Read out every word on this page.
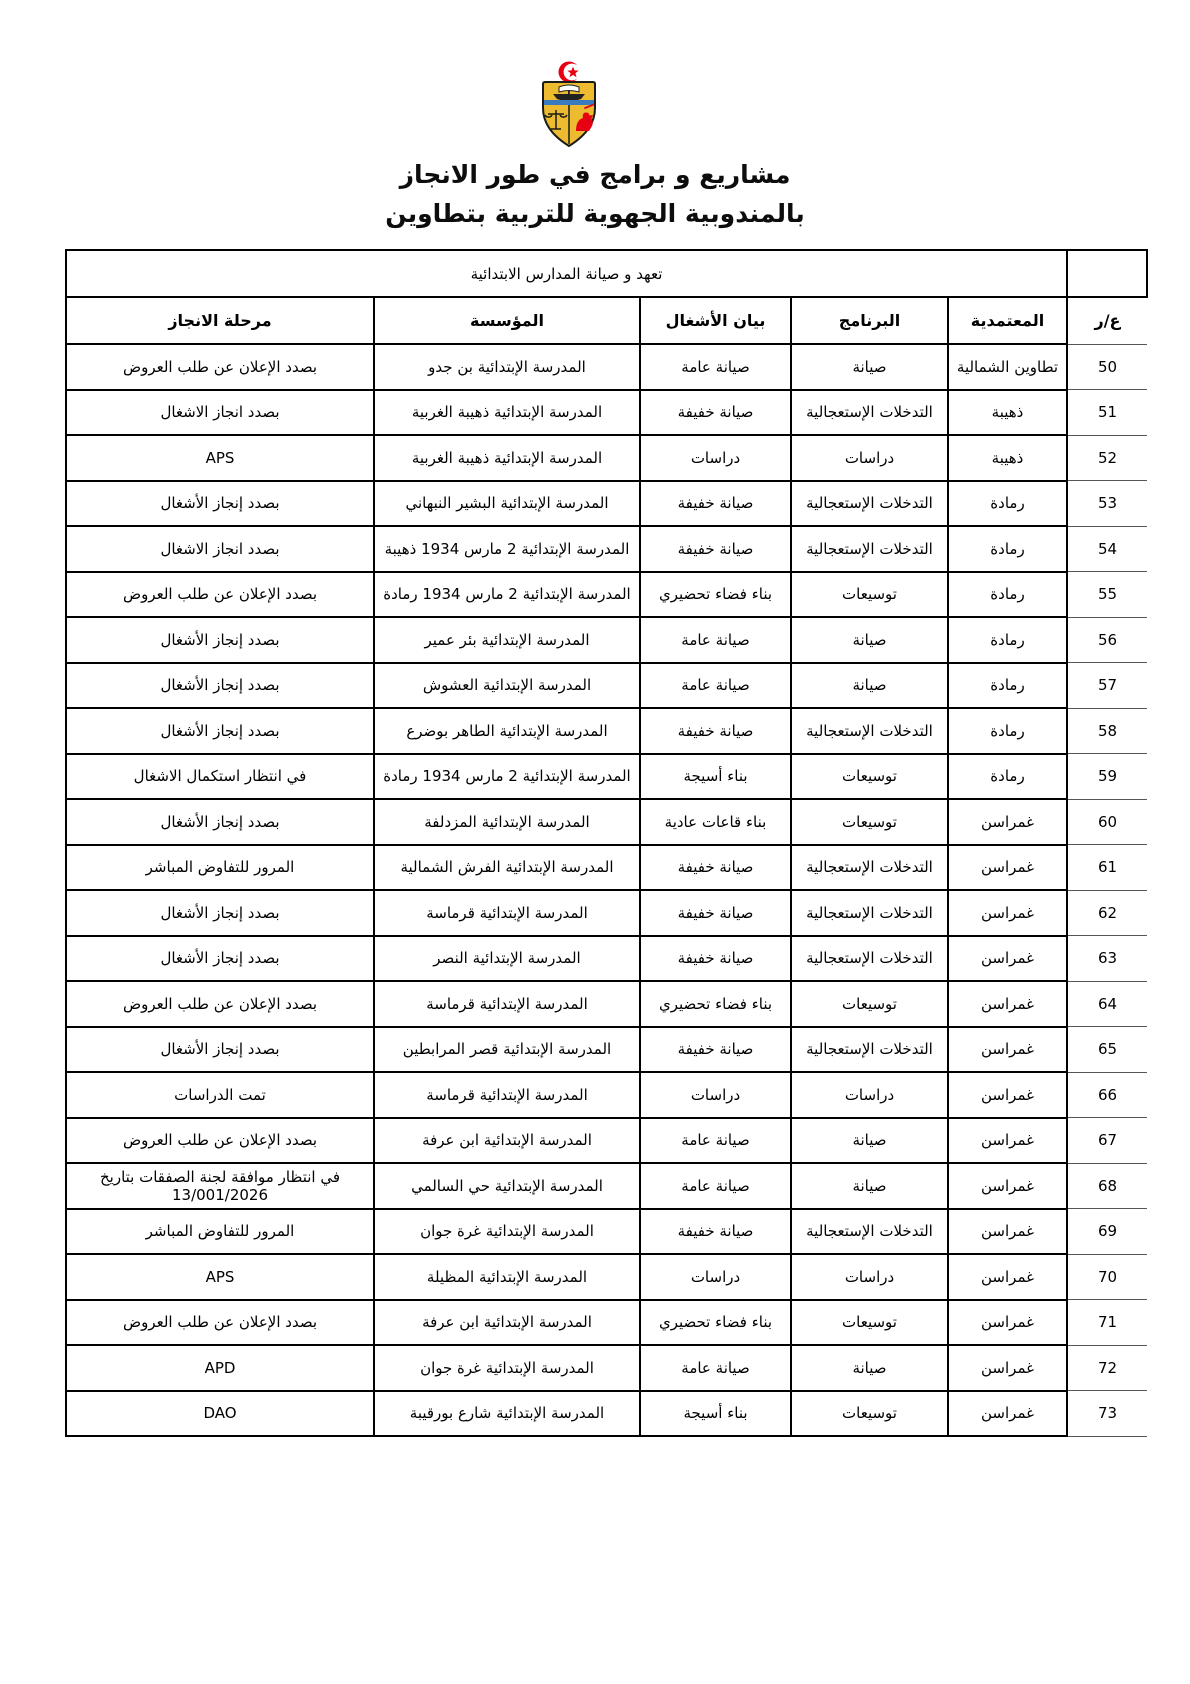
مشاريع و برامج في طور الانجاز
بالمندوبية الجهوية للتربية بتطاوين
	تعهد و صيانة المدارس الابتدائية				
ع/ر	المعتمدية	البرنامج	بيان الأشغال	المؤسسة	مرحلة الانجاز
50	تطاوين الشمالية	صيانة	صيانة عامة	المدرسة الإبتدائية بن جدو	بصدد الإعلان عن طلب العروض
51	ذهيبة	التدخلات الإستعجالية	صيانة خفيفة	المدرسة الإبتدائية ذهيبة الغربية	بصدد انجاز الاشغال
52	ذهيبة	دراسات	دراسات	المدرسة الإبتدائية ذهيبة الغربية	APS
53	رمادة	التدخلات الإستعجالية	صيانة خفيفة	المدرسة الإبتدائية البشير النبهاني	بصدد إنجاز الأشغال
54	رمادة	التدخلات الإستعجالية	صيانة خفيفة	المدرسة الإبتدائية 2 مارس 1934 ذهيبة	بصدد انجاز الاشغال
55	رمادة	توسيعات	بناء فضاء تحضيري	المدرسة الإبتدائية 2 مارس 1934 رمادة	بصدد الإعلان عن طلب العروض
56	رمادة	صيانة	صيانة عامة	المدرسة الإبتدائية بئر عمير	بصدد إنجاز الأشغال
57	رمادة	صيانة	صيانة عامة	المدرسة الإبتدائية العشوش	بصدد إنجاز الأشغال
58	رمادة	التدخلات الإستعجالية	صيانة خفيفة	المدرسة الإبتدائية الطاهر بوضرع	بصدد إنجاز الأشغال
59	رمادة	توسيعات	بناء أسيجة	المدرسة الإبتدائية 2 مارس 1934 رمادة	في انتظار استكمال الاشغال
60	غمراسن	توسيعات	بناء قاعات عادية	المدرسة الإبتدائية المزدلفة	بصدد إنجاز الأشغال
61	غمراسن	التدخلات الإستعجالية	صيانة خفيفة	المدرسة الإبتدائية الفرش الشمالية	المرور للتفاوض المباشر
62	غمراسن	التدخلات الإستعجالية	صيانة خفيفة	المدرسة الإبتدائية قرماسة	بصدد إنجاز الأشغال
63	غمراسن	التدخلات الإستعجالية	صيانة خفيفة	المدرسة الإبتدائية النصر	بصدد إنجاز الأشغال
64	غمراسن	توسيعات	بناء فضاء تحضيري	المدرسة الإبتدائية قرماسة	بصدد الإعلان عن طلب العروض
65	غمراسن	التدخلات الإستعجالية	صيانة خفيفة	المدرسة الإبتدائية قصر المرابطين	بصدد إنجاز الأشغال
66	غمراسن	دراسات	دراسات	المدرسة الإبتدائية قرماسة	تمت الدراسات
67	غمراسن	صيانة	صيانة عامة	المدرسة الإبتدائية ابن عرفة	بصدد الإعلان عن طلب العروض
68	غمراسن	صيانة	صيانة عامة	المدرسة الإبتدائية حي السالمي	في انتظار موافقة لجنة الصفقات بتاريخ 13/001/2026
69	غمراسن	التدخلات الإستعجالية	صيانة خفيفة	المدرسة الإبتدائية غرة جوان	المرور للتفاوض المباشر
70	غمراسن	دراسات	دراسات	المدرسة الإبتدائية المظيلة	APS
71	غمراسن	توسيعات	بناء فضاء تحضيري	المدرسة الإبتدائية ابن عرفة	بصدد الإعلان عن طلب العروض
72	غمراسن	صيانة	صيانة عامة	المدرسة الإبتدائية غرة جوان	APD
73	غمراسن	توسيعات	بناء أسيجة	المدرسة الإبتدائية شارع بورقيبة	DAO
